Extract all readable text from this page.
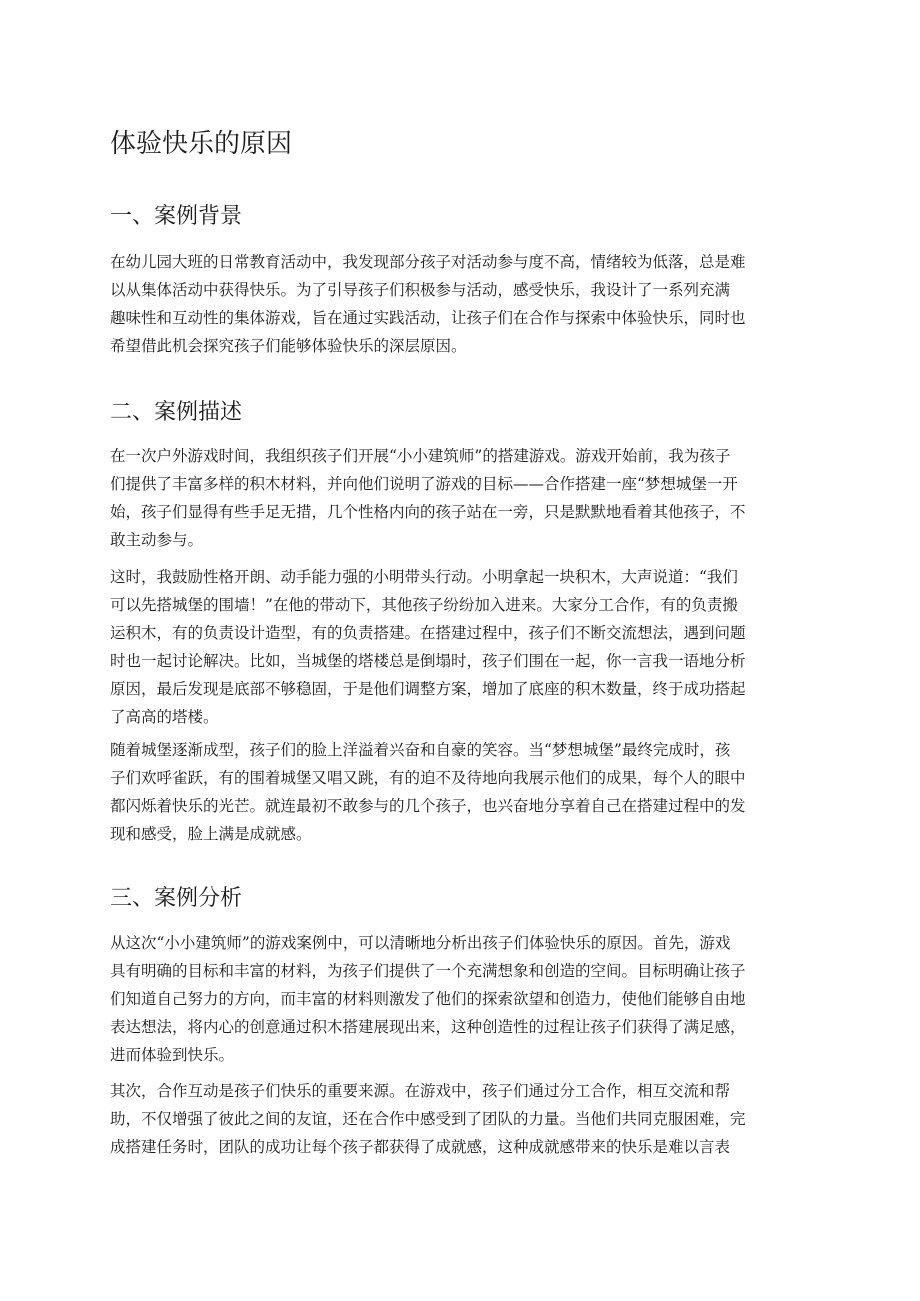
体验快乐的原因
一、案例背景

在幼儿园大班的日常教育活动中，我发现部分孩子对活动参与度不高，情绪较为低落，总是难
以从集体活动中获得快乐。为了引导孩子们积极参与活动，感受快乐，我设计了一系列充满
趣味性和互动性的集体游戏，旨在通过实践活动，让孩子们在合作与探索中体验快乐，同时也
希望借此机会探究孩子们能够体验快乐的深层原因。

二、案例描述

在一次户外游戏时间，我组织孩子们开展“小小建筑师”的搭建游戏。游戏开始前，我为孩子
们提供了丰富多样的积木材料，并向他们说明了游戏的目标——合作搭建一座“梦想城堡一开
始，孩子们显得有些手足无措，几个性格内向的孩子站在一旁，只是默默地看着其他孩子，不
敢主动参与。

这时，我鼓励性格开朗、动手能力强的小明带头行动。小明拿起一块积木，大声说道：“我们
可以先搭城堡的围墙！”在他的带动下，其他孩子纷纷加入进来。大家分工合作，有的负责搬
运积木，有的负责设计造型，有的负责搭建。在搭建过程中，孩子们不断交流想法，遇到问题
时也一起讨论解决。比如，当城堡的塔楼总是倒塌时，孩子们围在一起，你一言我一语地分析
原因，最后发现是底部不够稳固，于是他们调整方案，增加了底座的积木数量，终于成功搭起
了高高的塔楼。

随着城堡逐渐成型，孩子们的脸上洋溢着兴奋和自豪的笑容。当“梦想城堡”最终完成时，孩
子们欢呼雀跃，有的围着城堡又唱又跳，有的迫不及待地向我展示他们的成果，每个人的眼中
都闪烁着快乐的光芒。就连最初不敢参与的几个孩子，也兴奋地分享着自己在搭建过程中的发
现和感受，脸上满是成就感。

三、案例分析

从这次“小小建筑师”的游戏案例中，可以清晰地分析出孩子们体验快乐的原因。首先，游戏
具有明确的目标和丰富的材料，为孩子们提供了一个充满想象和创造的空间。目标明确让孩子
们知道自己努力的方向，而丰富的材料则激发了他们的探索欲望和创造力，使他们能够自由地
表达想法，将内心的创意通过积木搭建展现出来，这种创造性的过程让孩子们获得了满足感，
进而体验到快乐。

其次，合作互动是孩子们快乐的重要来源。在游戏中，孩子们通过分工合作，相互交流和帮
助，不仅增强了彼此之间的友谊，还在合作中感受到了团队的力量。当他们共同克服困难，完
成搭建任务时，团队的成功让每个孩子都获得了成就感，这种成就感带来的快乐是难以言表
